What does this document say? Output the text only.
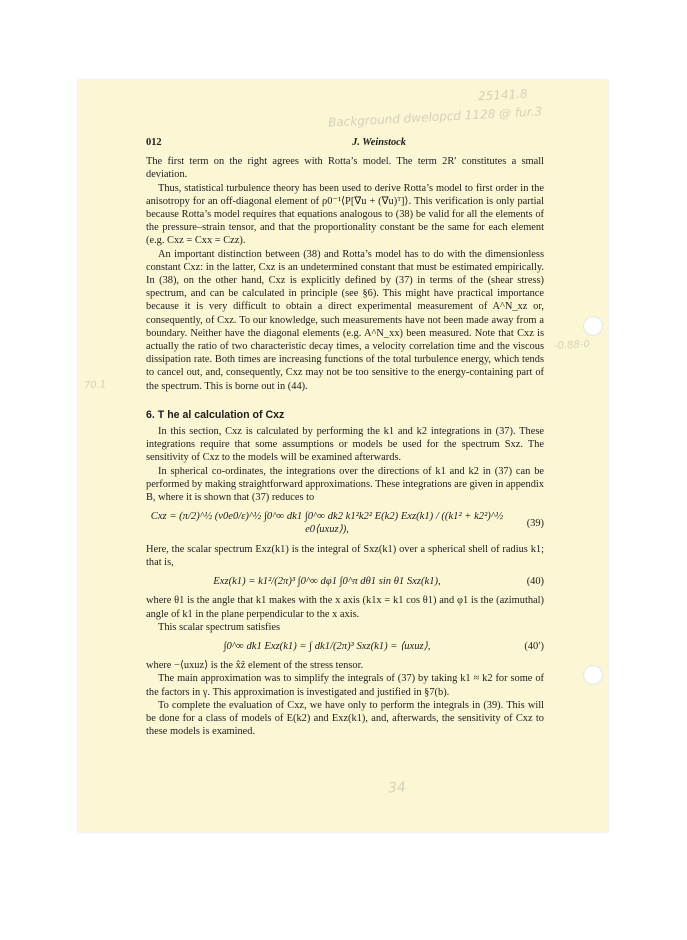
25141.8
Background dwelopcd 1128 @ fur.3
-0.88-0
70.1
34
012	J. Weinstock

The first term on the right agrees with Rotta’s model. The term 2R′ constitutes a small deviation.

Thus, statistical turbulence theory has been used to derive Rotta’s model to first order in the anisotropy for an off-diagonal element of ρ0⁻¹⟨P[∇u + (∇u)ᵀ]⟩. This verification is only partial because Rotta’s model requires that equations analogous to (38) be valid for all the elements of the pressure–strain tensor, and that the proportionality constant be the same for each element (e.g. Cxz = Cxx = Czz).

An important distinction between (38) and Rotta’s model has to do with the dimensionless constant Cxz: in the latter, Cxz is an undetermined constant that must be estimated empirically. In (38), on the other hand, Cxz is explicitly defined by (37) in terms of the (shear stress) spectrum, and can be calculated in principle (see §6). This might have practical importance because it is very difficult to obtain a direct experimental measurement of A^N_xz or, consequently, of Cxz. To our knowledge, such measurements have not been made away from a boundary. Neither have the diagonal elements (e.g. A^N_xx) been measured. Note that Cxz is actually the ratio of two characteristic decay times, a velocity correlation time and the viscous dissipation rate. Both times are increasing functions of the total turbulence energy, which tends to cancel out, and, consequently, Cxz may not be too sensitive to the energy-containing part of the spectrum. This is borne out in (44).

6. T he al calculation of Cxz

In this section, Cxz is calculated by performing the k1 and k2 integrations in (37). These integrations require that some assumptions or models be used for the spectrum Sxz. The sensitivity of Cxz to the models will be examined afterwards.

In spherical co-ordinates, the integrations over the directions of k1 and k2 in (37) can be performed by making straightforward approximations. These integrations are given in appendix B, where it is shown that (37) reduces to

Cxz = (π/2)^½ (v0e0/ε)^½ ∫0^∞ dk1 ∫0^∞ dk2 k1²k2² E(k2) Exz(k1) / ((k1² + k2²)^½ e0⟨uxuz⟩),
(39)

Here, the scalar spectrum Exz(k1) is the integral of Sxz(k1) over a spherical shell of radius k1; that is,

Exz(k1) = k1²/(2π)³ ∫0^∞ dφ1 ∫0^π dθ1 sin θ1 Sxz(k1),	(40)

where θ1 is the angle that k1 makes with the x axis (k1x = k1 cos θ1) and φ1 is the (azimuthal) angle of k1 in the plane perpendicular to the x axis.

This scalar spectrum satisfies

∫0^∞ dk1 Exz(k1) = ∫ dk1/(2π)³ Sxz(k1) = ⟨uxuz⟩,	(40′)

where −⟨uxuz⟩ is the x̂ẑ element of the stress tensor.

The main approximation was to simplify the integrals of (37) by taking k1 ≈ k2 for some of the factors in γ. This approximation is investigated and justified in §7(b).

To complete the evaluation of Cxz, we have only to perform the integrals in (39). This will be done for a class of models of E(k2) and Exz(k1), and, afterwards, the sensitivity of Cxz to these models is examined.
